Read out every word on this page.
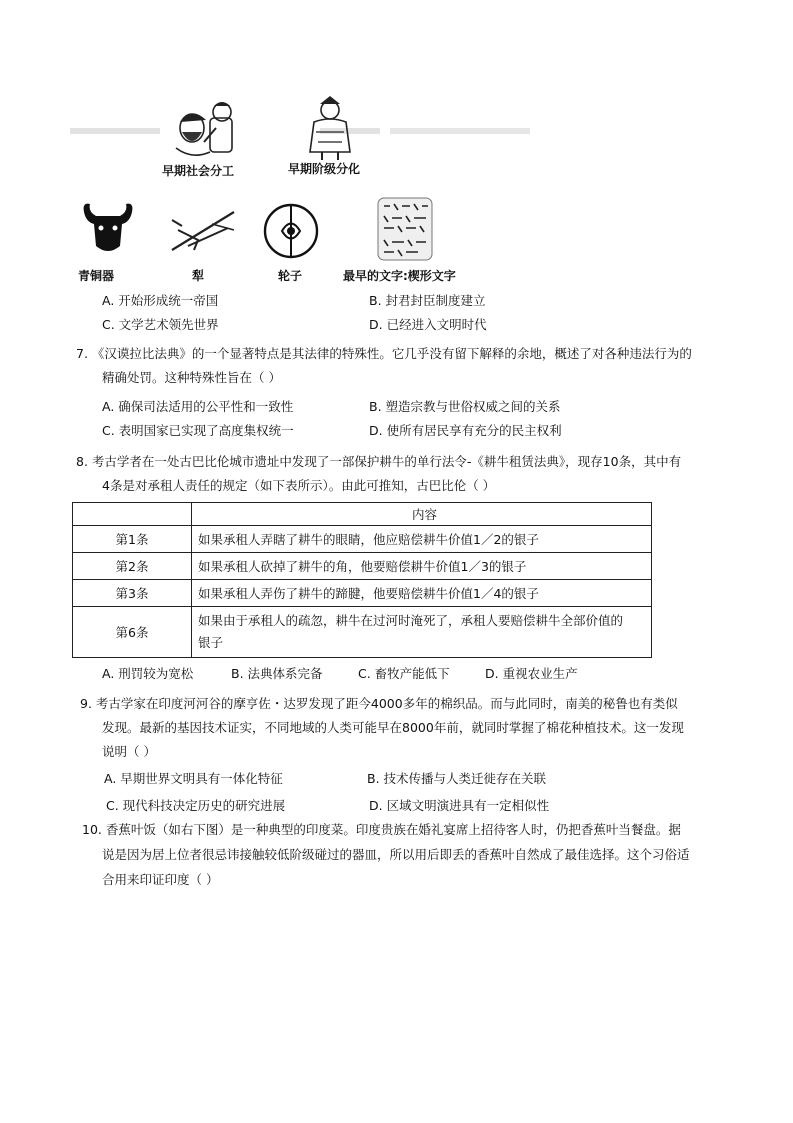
早期社会分工	早期阶级分化
青铜器	犁	轮子	最早的文字:楔形文字
A. 开始形成统一帝国	B. 封君封臣制度建立
C. 文学艺术领先世界	D. 已经进入文明时代
7. 《汉谟拉比法典》的一个显著特点是其法律的特殊性。它几乎没有留下解释的余地，概述了对各种违法行为的
精确处罚。这种特殊性旨在（ ）
A. 确保司法适用的公平性和一致性	B. 塑造宗教与世俗权威之间的关系
C. 表明国家已实现了高度集权统一	D. 使所有居民享有充分的民主权利
8. 考古学者在一处古巴比伦城市遗址中发现了一部保护耕牛的单行法令-《耕牛租赁法典》，现存10条，其中有
4条是对承租人责任的规定（如下表所示）。由此可推知，古巴比伦（ ）
	内容
第1条	如果承租人弄瞎了耕牛的眼睛，他应赔偿耕牛价值1／2的银子
第2条	如果承租人砍掉了耕牛的角，他要赔偿耕牛价值1／3的银子
第3条	如果承租人弄伤了耕牛的蹄腱，他要赔偿耕牛价值1／4的银子
第6条	如果由于承租人的疏忽，耕牛在过河时淹死了，承租人要赔偿耕牛全部价值的银子
A. 刑罚较为宽松	B. 法典体系完备	C. 畜牧产能低下	D. 重视农业生产
9. 考古学家在印度河河谷的摩亨佐・达罗发现了距今4000多年的棉织品。而与此同时，南美的秘鲁也有类似
发现。最新的基因技术证实，不同地域的人类可能早在8000年前，就同时掌握了棉花种植技术。这一发现
说明（ ）
A. 早期世界文明具有一体化特征	B. 技术传播与人类迁徙存在关联
C. 现代科技决定历史的研究进展	D. 区域文明演进具有一定相似性
10. 香蕉叶饭（如右下图）是一种典型的印度菜。印度贵族在婚礼宴席上招待客人时，仍把香蕉叶当餐盘。据
说是因为居上位者很忌讳接触较低阶级碰过的器皿，所以用后即丢的香蕉叶自然成了最佳选择。这个习俗适
合用来印证印度（ ）
